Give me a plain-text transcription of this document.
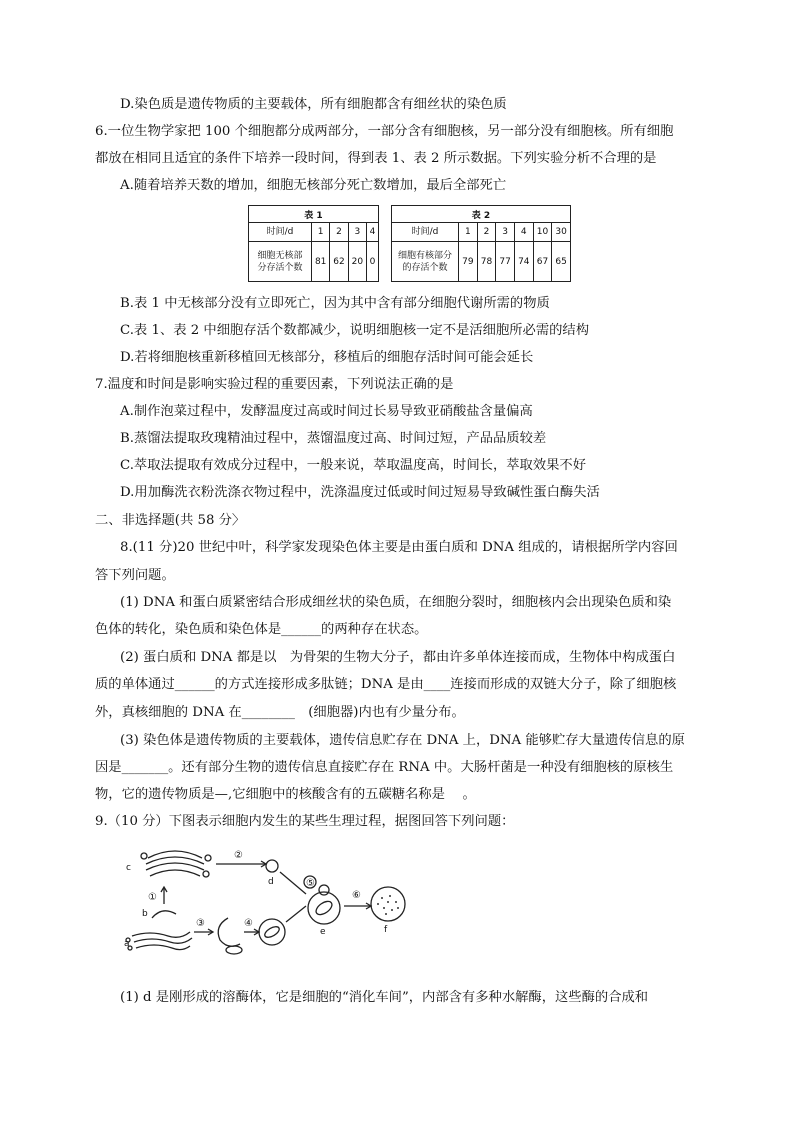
D.染色质是遗传物质的主要载体，所有细胞都含有细丝状的染色质
6.一位生物学家把 100 个细胞都分成两部分，一部分含有细胞核，另一部分没有细胞核。所有细胞
都放在相同且适宜的条件下培养一段时间，得到表 1、表 2 所示数据。下列实验分析不合理的是
A.随着培养天数的增加，细胞无核部分死亡数增加，最后全部死亡
表 1				
时间/d	1	2	3	4
细胞无核部
分存活个数	81	62	20	0
表 2						
时间/d	1	2	3	4	10	30
细胞有核部分
的存活个数	79	78	77	74	67	65
B.表 1 中无核部分没有立即死亡，因为其中含有部分细胞代谢所需的物质
C.表 1、表 2 中细胞存活个数都减少，说明细胞核一定不是活细胞所必需的结构
D.若将细胞核重新移植回无核部分，移植后的细胞存活时间可能会延长
7.温度和时间是影响实验过程的重要因素，下列说法正确的是
A.制作泡菜过程中，发酵温度过高或时间过长易导致亚硝酸盐含量偏高
B.蒸馏法提取玫瑰精油过程中，蒸馏温度过高、时间过短，产品品质较差
C.萃取法提取有效成分过程中，一般来说，萃取温度高，时间长，萃取效果不好
D.用加酶洗衣粉洗涤衣物过程中，洗涤温度过低或时间过短易导致碱性蛋白酶失活
二、非选择题(共 58 分〉
8.(11 分)20 世纪中叶，科学家发现染色体主要是由蛋白质和 DNA 组成的，请根据所学内容回
答下列问题。
(1) DNA 和蛋白质紧密结合形成细丝状的染色质，在细胞分裂时，细胞核内会出现染色质和染
色体的转化，染色质和染色体是______的两种存在状态。
(2) 蛋白质和 DNA 都是以　为骨架的生物大分子，都由许多单体连接而成，生物体中构成蛋白
质的单体通过______的方式连接形成多肽链；DNA 是由____连接而形成的双链大分子，除了细胞核
外，真核细胞的 DNA 在________　(细胞器)内也有少量分布。
(3) 染色体是遗传物质的主要载体，遗传信息贮存在 DNA 上，DNA 能够贮存大量遗传信息的原
因是_______。还有部分生物的遗传信息直接贮存在 RNA 中。大肠杆菌是一种没有细胞核的原核生
物，它的遗传物质是—,它细胞中的核酸含有的五碳糖名称是　 。
9.（10 分）下图表示细胞内发生的某些生理过程，据图回答下列问题：
a
b
c
d
e	f
①
②
③	④
⑤
⑥
(1) d 是刚形成的溶酶体，它是细胞的“消化车间”，内部含有多种水解酶，这些酶的合成和
